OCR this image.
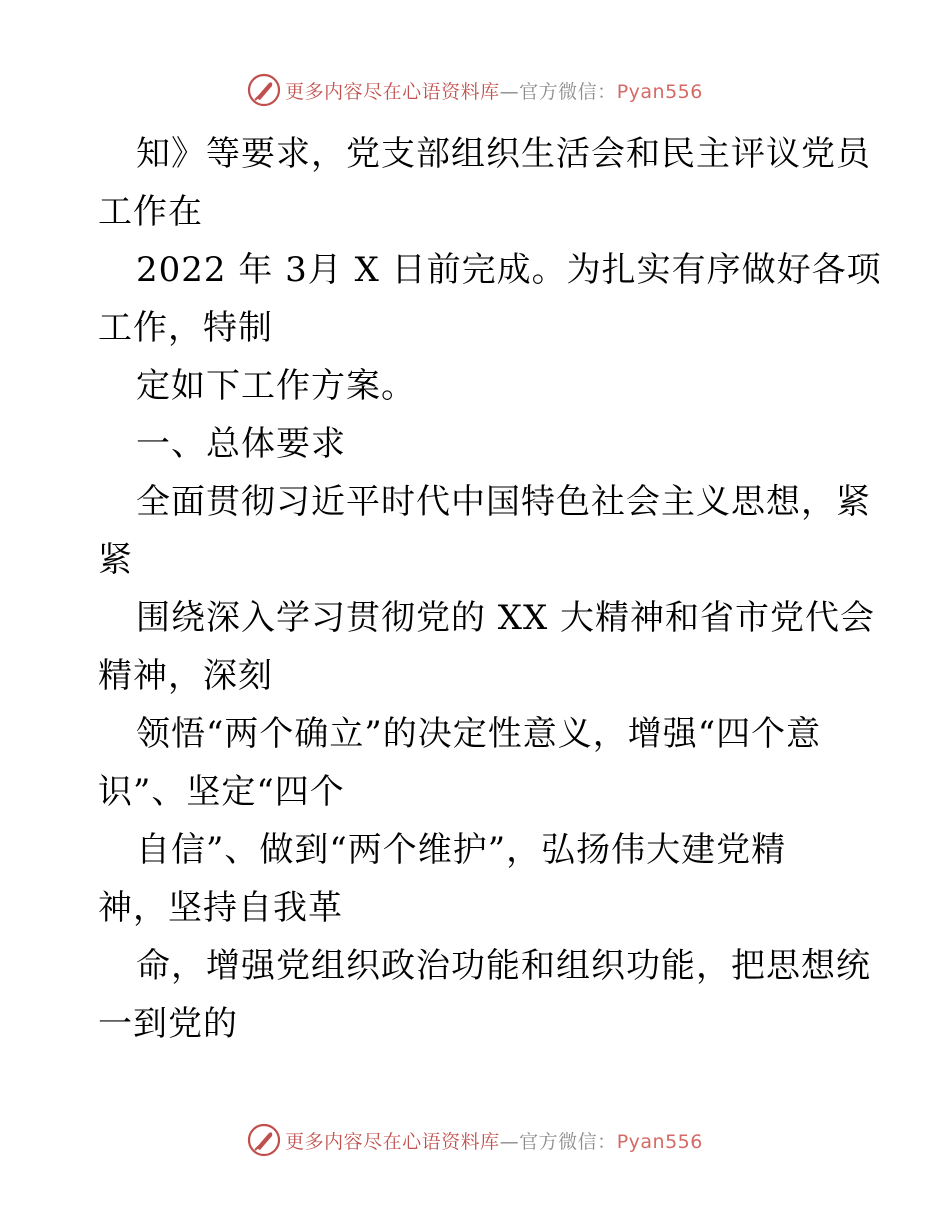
更多内容尽在心语资料库—官方微信：Pyan556
知》等要求，党支部组织生活会和民主评议党员
工作在
2022 年 3月 X 日前完成。为扎实有序做好各项
工作，特制
定如下工作方案。
一、总体要求
全面贯彻习近平时代中国特色社会主义思想，紧
紧
围绕深入学习贯彻党的 XX 大精神和省市党代会
精神，深刻
领悟“两个确立”的决定性意义，增强“四个意
识”、坚定“四个
自信”、做到“两个维护”，弘扬伟大建党精
神，坚持自我革
命，增强党组织政治功能和组织功能，把思想统
一到党的
更多内容尽在心语资料库—官方微信：Pyan556
